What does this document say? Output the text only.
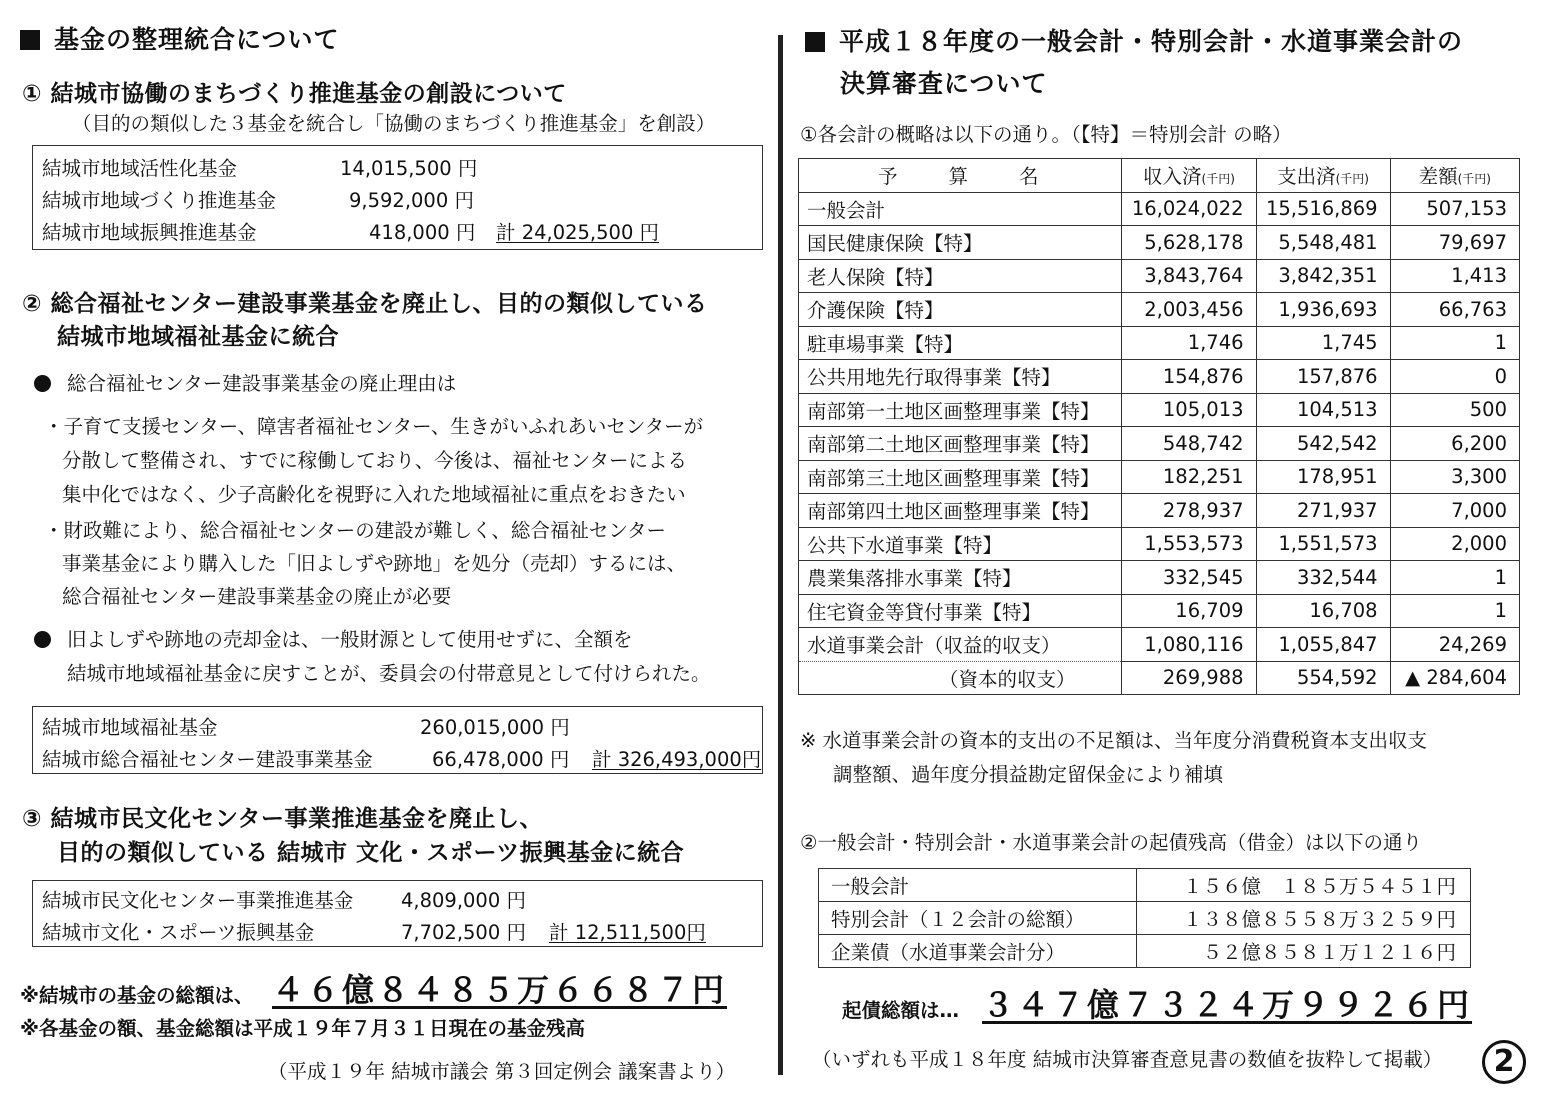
基金の整理統合について
① 結城市協働のまちづくり推進基金の創設について
（目的の類似した３基金を統合し「協働のまちづくり推進基金」を創設）
結城市地域活性化基金	14,015,500 円
結城市地域づくり推進基金	9,592,000 円
結城市地域振興推進基金	418,000 円 計 24,025,500 円
② 総合福祉センター建設事業基金を廃止し、目的の類似している
結城市地域福祉基金に統合
総合福祉センター建設事業基金の廃止理由は
・子育て支援センター、障害者福祉センター、生きがいふれあいセンターが
分散して整備され、すでに稼働しており、今後は、福祉センターによる
集中化ではなく、少子高齢化を視野に入れた地域福祉に重点をおきたい
・財政難により、総合福祉センターの建設が難しく、総合福祉センター
事業基金により購入した「旧よしずや跡地」を処分（売却）するには、
総合福祉センター建設事業基金の廃止が必要
旧よしずや跡地の売却金は、一般財源として使用せずに、全額を
結城市地域福祉基金に戻すことが、委員会の付帯意見として付けられた。
結城市地域福祉基金	260,015,000 円
結城市総合福祉センター建設事業基金	66,478,000 円 計 326,493,000円
③ 結城市民文化センター事業推進基金を廃止し、
目的の類似している 結城市 文化・スポーツ振興基金に統合
結城市民文化センター事業推進基金 4,809,000 円
結城市文化・スポーツ振興基金	7,702,500 円 計 12,511,500円
※結城市の基金の総額は、 ４６億８４８５万６６８７円
※各基金の額、基金総額は平成１９年７月３１日現在の基金残高
（平成１９年 結城市議会 第３回定例会 議案書より）
平成１８年度の一般会計・特別会計・水道事業会計の
決算審査について
①各会計の概略は以下の通り。（【特】＝特別会計 の略）
予　　算　　名	収入済(千円)	支出済(千円)	差額(千円)
一般会計	16,024,022	15,516,869	507,153
国民健康保険【特】	5,628,178	5,548,481	79,697
老人保険【特】	3,843,764	3,842,351	1,413
介護保険【特】	2,003,456	1,936,693	66,763
駐車場事業【特】	1,746	1,745	1
公共用地先行取得事業【特】	154,876	157,876	0
南部第一土地区画整理事業【特】	105,013	104,513	500
南部第二土地区画整理事業【特】	548,742	542,542	6,200
南部第三土地区画整理事業【特】	182,251	178,951	3,300
南部第四土地区画整理事業【特】	278,937	271,937	7,000
公共下水道事業【特】	1,553,573	1,551,573	2,000
農業集落排水事業【特】	332,545	332,544	1
住宅資金等貸付事業【特】	16,709	16,708	1
水道事業会計（収益的収支）	1,080,116	1,055,847	24,269
（資本的収支）	269,988	554,592	▲ 284,604
※ 水道事業会計の資本的支出の不足額は、当年度分消費税資本支出収支
調整額、過年度分損益勘定留保金により補填
②一般会計・特別会計・水道事業会計の起債残高（借金）は以下の通り
一般会計	１５６億　１８５万５４５１円
特別会計（１２会計の総額）	１３８億８５５８万３２５９円
企業債（水道事業会計分）	５２億８５８１万１２１６円
起債総額は… ３４７億７３２４万９９２６円
（いずれも平成１８年度 結城市決算審査意見書の数値を抜粋して掲載）	2
